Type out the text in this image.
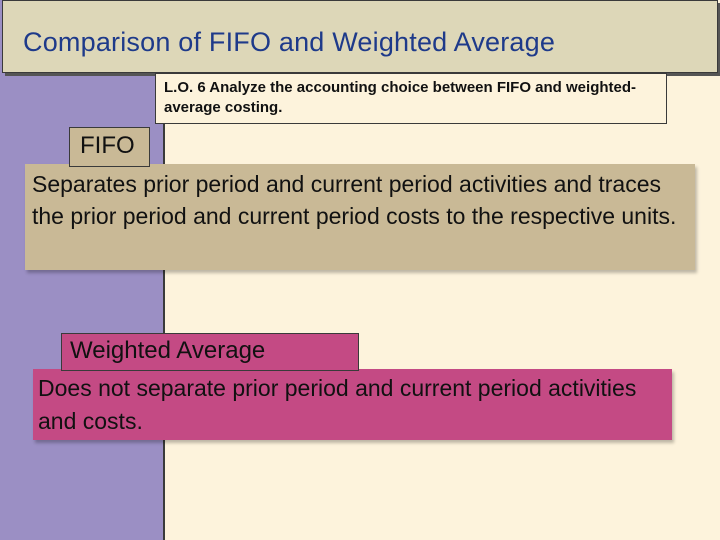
Comparison of FIFO and Weighted Average
L.O. 6 Analyze the accounting choice between FIFO and weighted-average costing.
FIFO
Separates prior period and current period activities and traces the prior period and current period costs to the respective units.
Weighted Average
Does not separate prior period and current period activities and costs.
